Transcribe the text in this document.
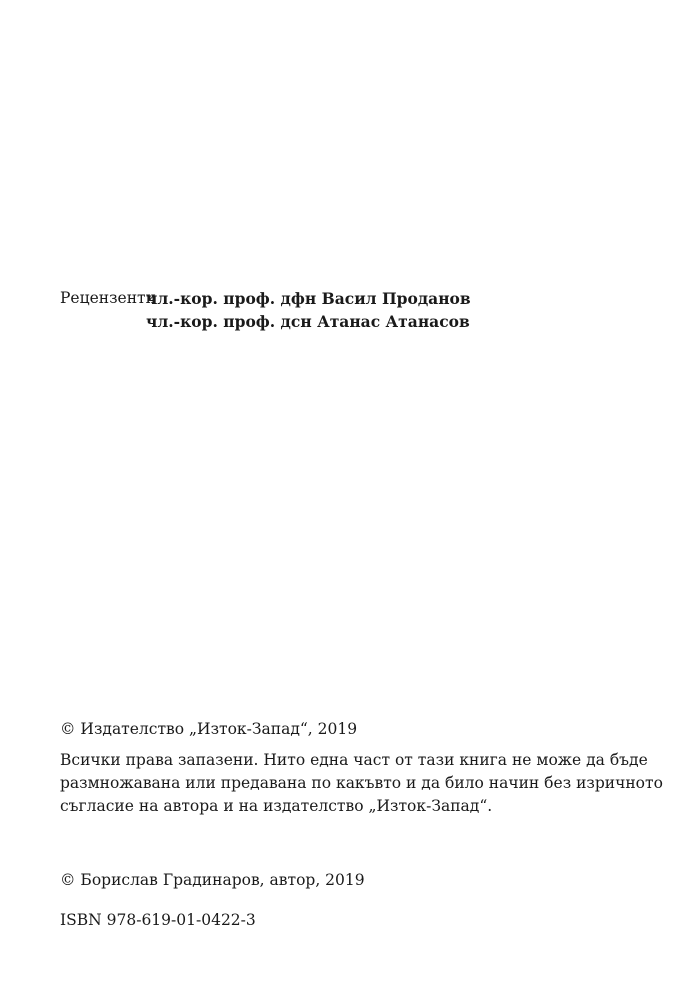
Рецензенти
чл.-кор. проф. дфн Васил Проданов
чл.-кор. проф. дсн Атанас Атанасов
© Издателство „Изток-Запад“, 2019
Всички права запазени. Нито една част от тази книга не може да бъде
размножавана или предавана по какъвто и да било начин без изричното
съгласие на автора и на издателство „Изток-Запад“.
© Борислав Градинаров, автор, 2019
ISBN 978-619-01-0422-3
